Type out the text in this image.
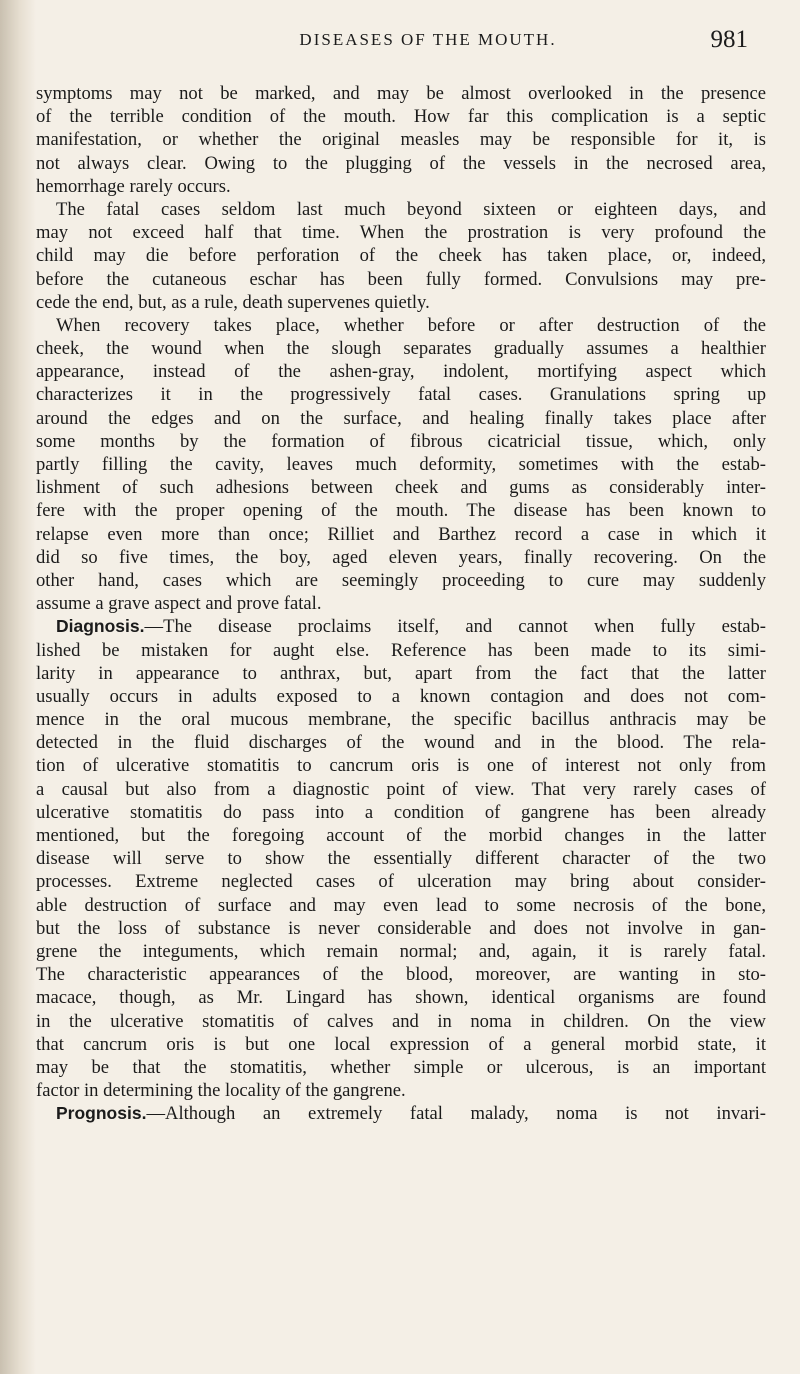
DISEASES OF THE MOUTH.	981
symptoms may not be marked, and may be almost overlooked in the presence
of the terrible condition of the mouth. How far this complication is a septic
manifestation, or whether the original measles may be responsible for it, is
not always clear. Owing to the plugging of the vessels in the necrosed area,
hemorrhage rarely occurs.
The fatal cases seldom last much beyond sixteen or eighteen days, and
may not exceed half that time. When the prostration is very profound the
child may die before perforation of the cheek has taken place, or, indeed,
before the cutaneous eschar has been fully formed. Convulsions may pre-
cede the end, but, as a rule, death supervenes quietly.
When recovery takes place, whether before or after destruction of the
cheek, the wound when the slough separates gradually assumes a healthier
appearance, instead of the ashen-gray, indolent, mortifying aspect which
characterizes it in the progressively fatal cases. Granulations spring up
around the edges and on the surface, and healing finally takes place after
some months by the formation of fibrous cicatricial tissue, which, only
partly filling the cavity, leaves much deformity, sometimes with the estab-
lishment of such adhesions between cheek and gums as considerably inter-
fere with the proper opening of the mouth. The disease has been known to
relapse even more than once; Rilliet and Barthez record a case in which it
did so five times, the boy, aged eleven years, finally recovering. On the
other hand, cases which are seemingly proceeding to cure may suddenly
assume a grave aspect and prove fatal.
Diagnosis.—The disease proclaims itself, and cannot when fully estab-
lished be mistaken for aught else. Reference has been made to its simi-
larity in appearance to anthrax, but, apart from the fact that the latter
usually occurs in adults exposed to a known contagion and does not com-
mence in the oral mucous membrane, the specific bacillus anthracis may be
detected in the fluid discharges of the wound and in the blood. The rela-
tion of ulcerative stomatitis to cancrum oris is one of interest not only from
a causal but also from a diagnostic point of view. That very rarely cases of
ulcerative stomatitis do pass into a condition of gangrene has been already
mentioned, but the foregoing account of the morbid changes in the latter
disease will serve to show the essentially different character of the two
processes. Extreme neglected cases of ulceration may bring about consider-
able destruction of surface and may even lead to some necrosis of the bone,
but the loss of substance is never considerable and does not involve in gan-
grene the integuments, which remain normal; and, again, it is rarely fatal.
The characteristic appearances of the blood, moreover, are wanting in sto-
macace, though, as Mr. Lingard has shown, identical organisms are found
in the ulcerative stomatitis of calves and in noma in children. On the view
that cancrum oris is but one local expression of a general morbid state, it
may be that the stomatitis, whether simple or ulcerous, is an important
factor in determining the locality of the gangrene.
Prognosis.—Although an extremely fatal malady, noma is not invari-
